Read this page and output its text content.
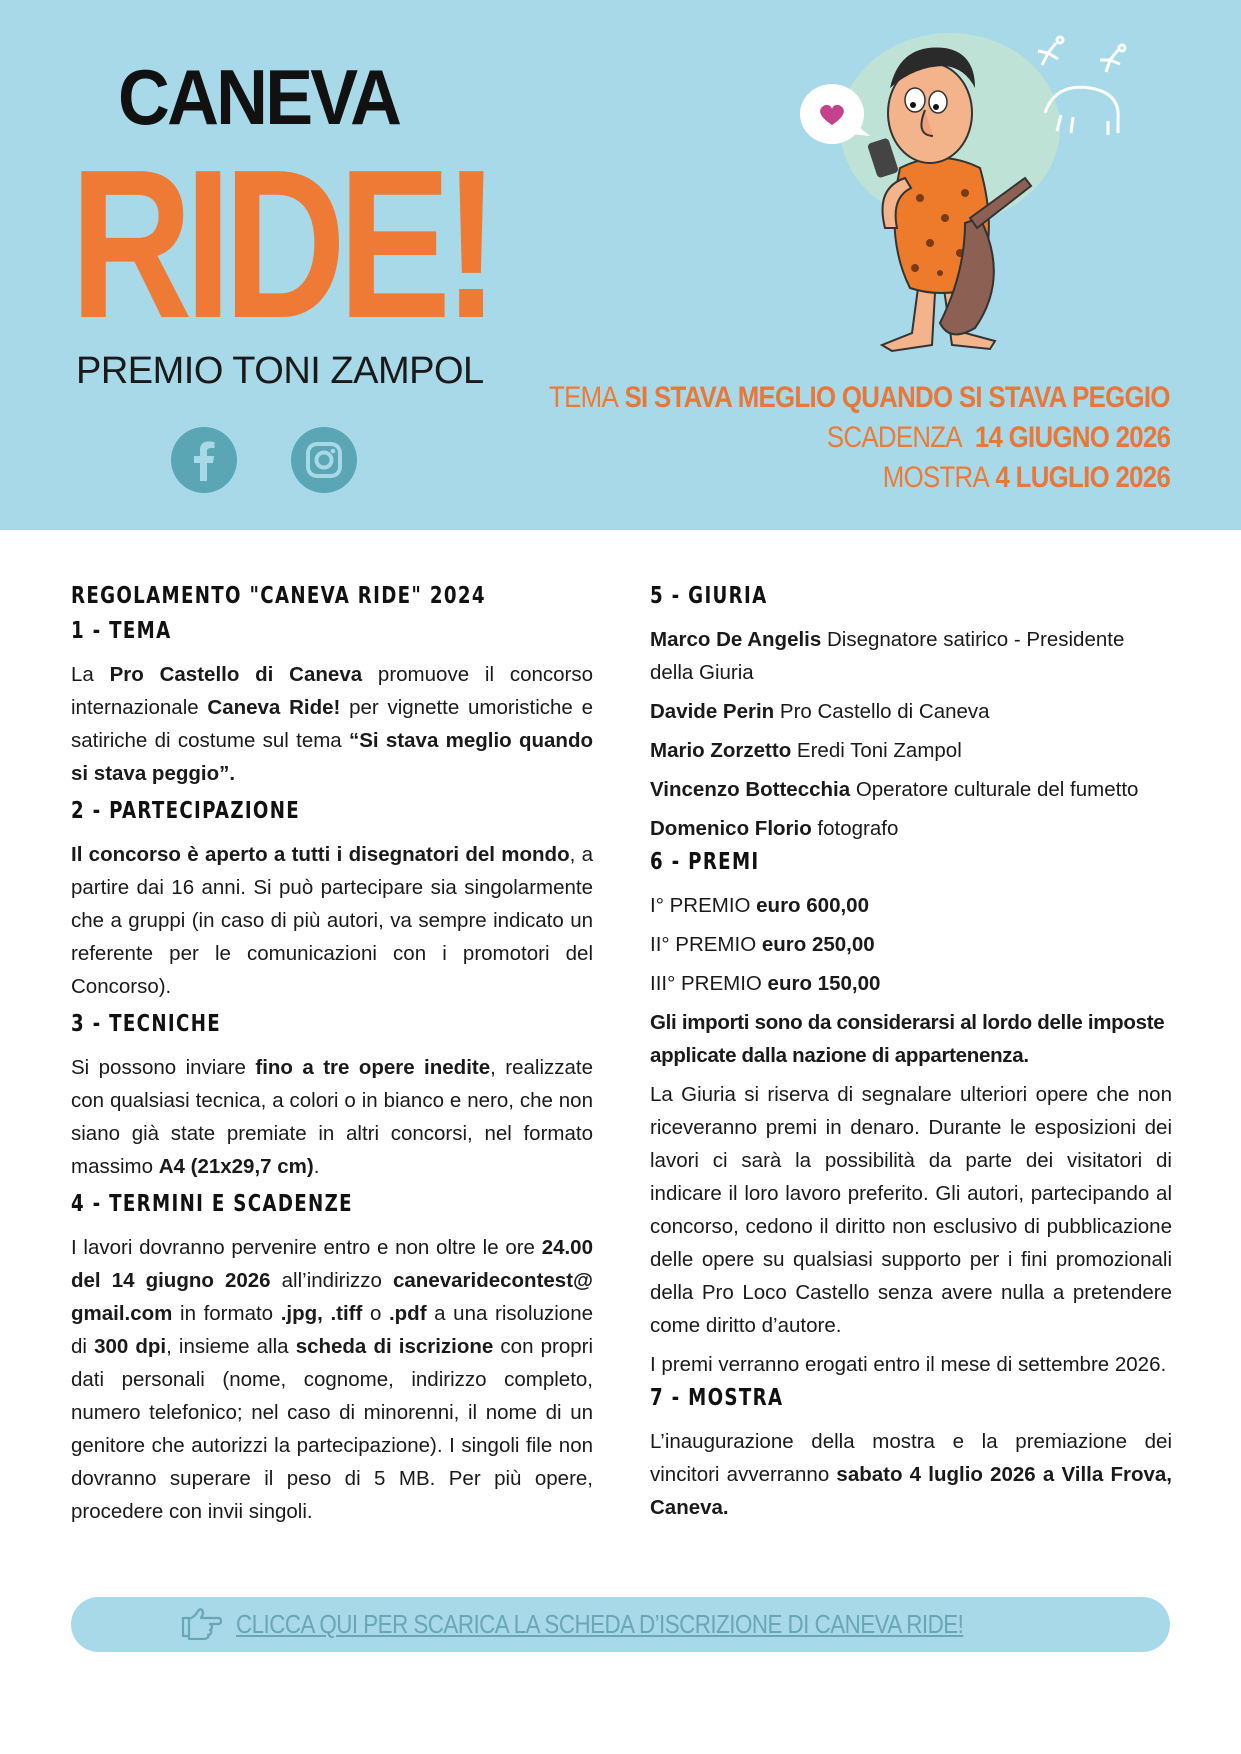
CANEVA
RIDE!
PREMIO TONI ZAMPOL
TEMA SI STAVA MEGLIO QUANDO SI STAVA PEGGIO
SCADENZA 14 GIUGNO 2026
MOSTRA 4 LUGLIO 2026
REGOLAMENTO "CANEVA RIDE" 2024
1 - TEMA

La Pro Castello di Caneva promuove il concorso internazionale Caneva Ride! per vignette umoristiche e satiriche di costume sul tema “Si stava meglio quando si stava peggio”.

2 - PARTECIPAZIONE

Il concorso è aperto a tutti i disegnatori del mondo, a partire dai 16 anni. Si può partecipare sia singolarmente che a gruppi (in caso di più autori, va sempre indicato un referente per le comunicazioni con i promotori del Concorso).

3 - TECNICHE

Si possono inviare fino a tre opere inedite, realizzate con qualsiasi tecnica, a colori o in bianco e nero, che non siano già state premiate in altri concorsi, nel formato massimo A4 (21x29,7 cm).

4 - TERMINI E SCADENZE

I lavori dovranno pervenire entro e non oltre le ore 24.00 del 14 giugno 2026 all’indirizzo canevaridecontest@ gmail.com in formato .jpg, .tiff o .pdf a una risoluzione di 300 dpi, insieme alla scheda di iscrizione con propri dati personali (nome, cognome, indirizzo completo, numero telefonico; nel caso di minorenni, il nome di un genitore che autorizzi la partecipazione). I singoli file non dovranno superare il peso di 5 MB. Per più opere, procedere con invii singoli.

5 - GIURIA

Marco De Angelis Disegnatore satirico - Presidente della Giuria

Davide Perin Pro Castello di Caneva

Mario Zorzetto Eredi Toni Zampol

Vincenzo Bottecchia Operatore culturale del fumetto

Domenico Florio fotografo

6 - PREMI

I° PREMIO euro 600,00

II° PREMIO euro 250,00

III° PREMIO euro 150,00

Gli importi sono da considerarsi al lordo delle imposte applicate dalla nazione di appartenenza.

La Giuria si riserva di segnalare ulteriori opere che non riceveranno premi in denaro. Durante le esposizioni dei lavori ci sarà la possibilità da parte dei visitatori di indicare il loro lavoro preferito. Gli autori, partecipando al concorso, cedono il diritto non esclusivo di pubblicazione delle opere su qualsiasi supporto per i fini promozionali della Pro Loco Castello senza avere nulla a pretendere come diritto d’autore.

I premi verranno erogati entro il mese di settembre 2026.

7 - MOSTRA

L’inaugurazione della mostra e la premiazione dei vincitori avverranno sabato 4 luglio 2026 a Villa Frova, Caneva.

CLICCA QUI PER SCARICA LA SCHEDA D’ISCRIZIONE DI CANEVA RIDE!
